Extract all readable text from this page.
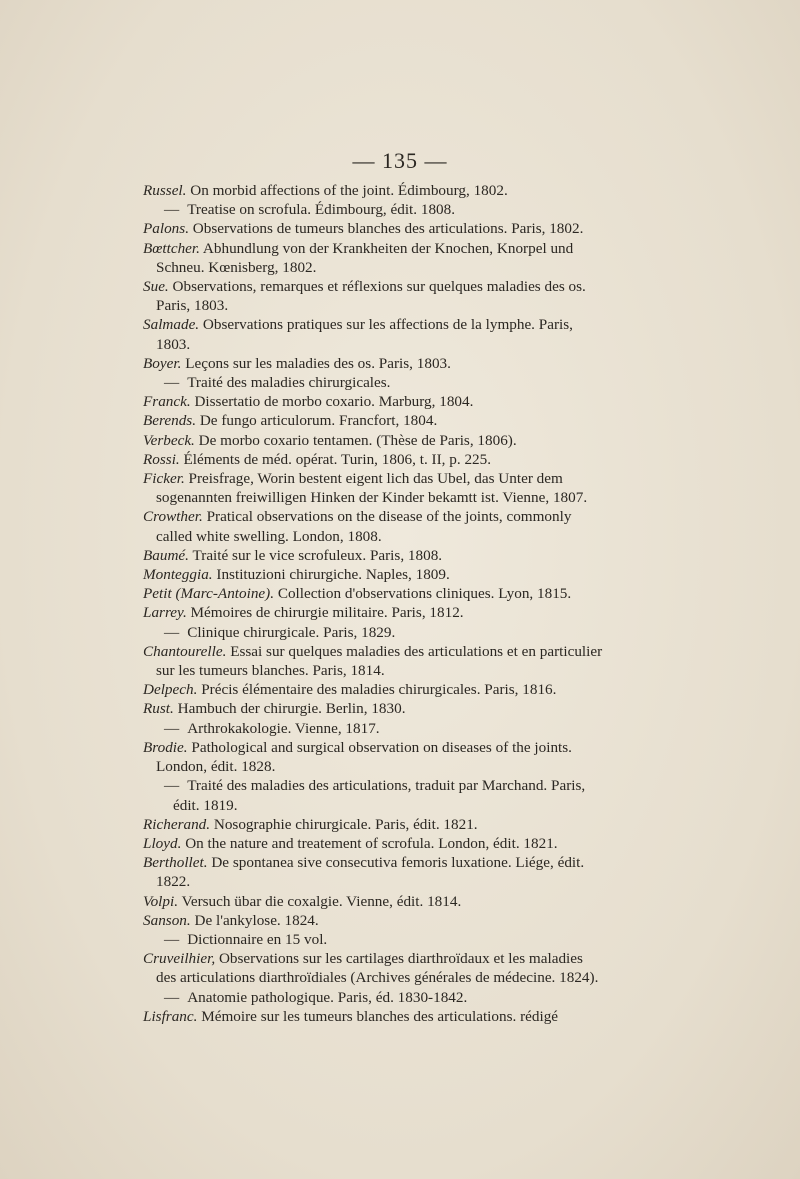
— 135 —

Russel. On morbid affections of the joint. Édimbourg, 1802.

— Treatise on scrofula. Édimbourg, édit. 1808.

Palons. Observations de tumeurs blanches des articulations. Paris, 1802.

Bœttcher. Abhundlung von der Krankheiten der Knochen, Knorpel und Schneu. Kœnisberg, 1802.

Sue. Observations, remarques et réflexions sur quelques maladies des os. Paris, 1803.

Salmade. Observations pratiques sur les affections de la lymphe. Paris, 1803.

Boyer. Leçons sur les maladies des os. Paris, 1803.

— Traité des maladies chirurgicales.

Franck. Dissertatio de morbo coxario. Marburg, 1804.

Berends. De fungo articulorum. Francfort, 1804.

Verbeck. De morbo coxario tentamen. (Thèse de Paris, 1806).

Rossi. Éléments de méd. opérat. Turin, 1806, t. II, p. 225.

Ficker. Preisfrage, Worin bestent eigent lich das Ubel, das Unter dem sogenannten freiwilligen Hinken der Kinder bekamtt ist. Vienne, 1807.

Crowther. Pratical observations on the disease of the joints, commonly called white swelling. London, 1808.

Baumé. Traité sur le vice scrofuleux. Paris, 1808.

Monteggia. Instituzioni chirurgiche. Naples, 1809.

Petit (Marc-Antoine). Collection d'observations cliniques. Lyon, 1815.

Larrey. Mémoires de chirurgie militaire. Paris, 1812.

— Clinique chirurgicale. Paris, 1829.

Chantourelle. Essai sur quelques maladies des articulations et en particulier sur les tumeurs blanches. Paris, 1814.

Delpech. Précis élémentaire des maladies chirurgicales. Paris, 1816.

Rust. Hambuch der chirurgie. Berlin, 1830.

— Arthrokakologie. Vienne, 1817.

Brodie. Pathological and surgical observation on diseases of the joints. London, édit. 1828.

— Traité des maladies des articulations, traduit par Marchand. Paris, édit. 1819.

Richerand. Nosographie chirurgicale. Paris, édit. 1821.

Lloyd. On the nature and treatement of scrofula. London, édit. 1821.

Berthollet. De spontanea sive consecutiva femoris luxatione. Liége, édit. 1822.

Volpi. Versuch übar die coxalgie. Vienne, édit. 1814.

Sanson. De l'ankylose. 1824.

— Dictionnaire en 15 vol.

Cruveilhier, Observations sur les cartilages diarthroïdaux et les maladies des articulations diarthroïdiales (Archives générales de médecine. 1824).

— Anatomie pathologique. Paris, éd. 1830-1842.

Lisfranc. Mémoire sur les tumeurs blanches des articulations. rédigé
